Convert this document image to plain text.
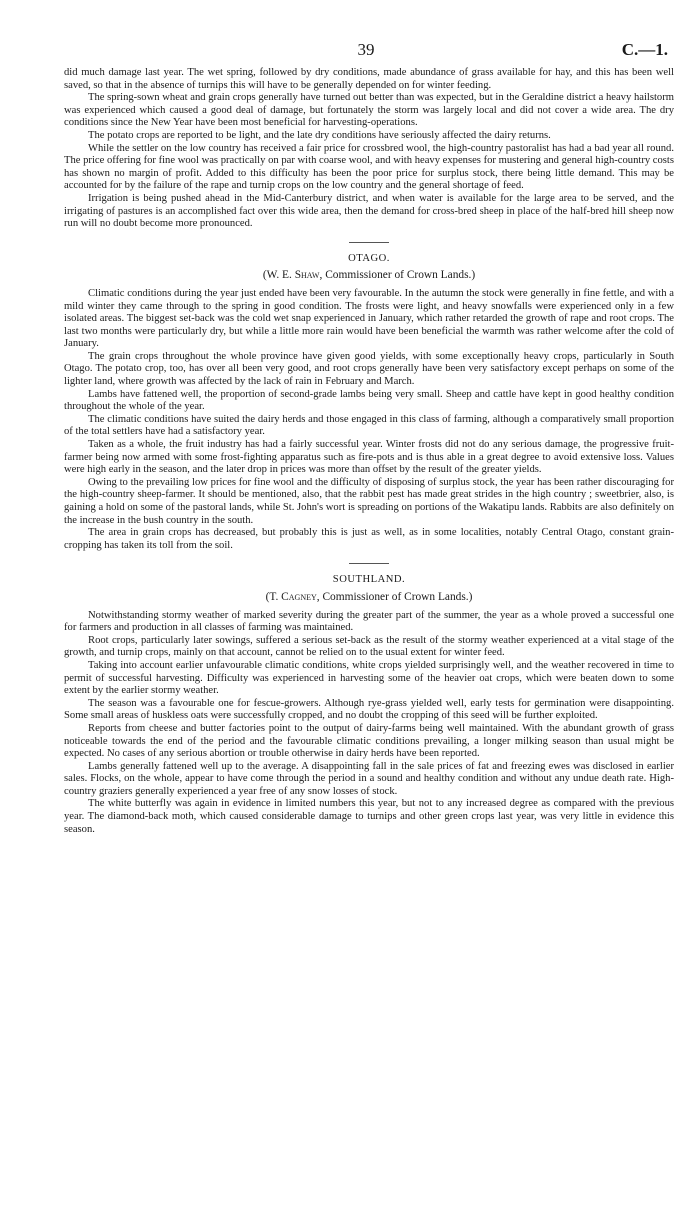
39	C.—1.

did much damage last year. The wet spring, followed by dry conditions, made abundance of grass available for hay, and this has been well saved, so that in the absence of turnips this will have to be generally depended on for winter feeding.

The spring-sown wheat and grain crops generally have turned out better than was expected, but in the Geraldine district a heavy hailstorm was experienced which caused a good deal of damage, but fortunately the storm was largely local and did not cover a wide area. The dry conditions since the New Year have been most beneficial for harvesting-operations.

The potato crops are reported to be light, and the late dry conditions have seriously affected the dairy returns.

While the settler on the low country has received a fair price for crossbred wool, the high-country pastoralist has had a bad year all round. The price offering for fine wool was practically on par with coarse wool, and with heavy expenses for mustering and general high-country costs has shown no margin of profit. Added to this difficulty has been the poor price for surplus stock, there being little demand. This may be accounted for by the failure of the rape and turnip crops on the low country and the general shortage of feed.

Irrigation is being pushed ahead in the Mid-Canterbury district, and when water is available for the large area to be served, and the irrigating of pastures is an accomplished fact over this wide area, then the demand for cross-bred sheep in place of the half-bred hill sheep now run will no doubt become more pronounced.

OTAGO.
(W. E. Shaw, Commissioner of Crown Lands.)

Climatic conditions during the year just ended have been very favourable. In the autumn the stock were generally in fine fettle, and with a mild winter they came through to the spring in good condition. The frosts were light, and heavy snowfalls were experienced only in a few isolated areas. The biggest set-back was the cold wet snap experienced in January, which rather retarded the growth of rape and root crops. The last two months were particularly dry, but while a little more rain would have been beneficial the warmth was rather welcome after the cold of January.

The grain crops throughout the whole province have given good yields, with some exceptionally heavy crops, particularly in South Otago. The potato crop, too, has over all been very good, and root crops generally have been very satisfactory except perhaps on some of the lighter land, where growth was affected by the lack of rain in February and March.

Lambs have fattened well, the proportion of second-grade lambs being very small. Sheep and cattle have kept in good healthy condition throughout the whole of the year.

The climatic conditions have suited the dairy herds and those engaged in this class of farming, although a comparatively small proportion of the total settlers have had a satisfactory year.

Taken as a whole, the fruit industry has had a fairly successful year. Winter frosts did not do any serious damage, the progressive fruit-farmer being now armed with some frost-fighting apparatus such as fire-pots and is thus able in a great degree to avoid extensive loss. Values were high early in the season, and the later drop in prices was more than offset by the result of the greater yields.

Owing to the prevailing low prices for fine wool and the difficulty of disposing of surplus stock, the year has been rather discouraging for the high-country sheep-farmer. It should be mentioned, also, that the rabbit pest has made great strides in the high country ; sweetbrier, also, is gaining a hold on some of the pastoral lands, while St. John's wort is spreading on portions of the Wakatipu lands. Rabbits are also definitely on the increase in the bush country in the south.

The area in grain crops has decreased, but probably this is just as well, as in some localities, notably Central Otago, constant grain-cropping has taken its toll from the soil.

SOUTHLAND.
(T. Cagney, Commissioner of Crown Lands.)

Notwithstanding stormy weather of marked severity during the greater part of the summer, the year as a whole proved a successful one for farmers and production in all classes of farming was maintained.

Root crops, particularly later sowings, suffered a serious set-back as the result of the stormy weather experienced at a vital stage of the growth, and turnip crops, mainly on that account, cannot be relied on to the usual extent for winter feed.

Taking into account earlier unfavourable climatic conditions, white crops yielded surprisingly well, and the weather recovered in time to permit of successful harvesting. Difficulty was experienced in harvesting some of the heavier oat crops, which were beaten down to some extent by the earlier stormy weather.

The season was a favourable one for fescue-growers. Although rye-grass yielded well, early tests for germination were disappointing. Some small areas of huskless oats were successfully cropped, and no doubt the cropping of this seed will be further exploited.

Reports from cheese and butter factories point to the output of dairy-farms being well maintained. With the abundant growth of grass noticeable towards the end of the period and the favourable climatic conditions prevailing, a longer milking season than usual might be expected. No cases of any serious abortion or trouble otherwise in dairy herds have been reported.

Lambs generally fattened well up to the average. A disappointing fall in the sale prices of fat and freezing ewes was disclosed in earlier sales. Flocks, on the whole, appear to have come through the period in a sound and healthy condition and without any undue death rate. High-country graziers generally experienced a year free of any snow losses of stock.

The white butterfly was again in evidence in limited numbers this year, but not to any increased degree as compared with the previous year. The diamond-back moth, which caused considerable damage to turnips and other green crops last year, was very little in evidence this season.
